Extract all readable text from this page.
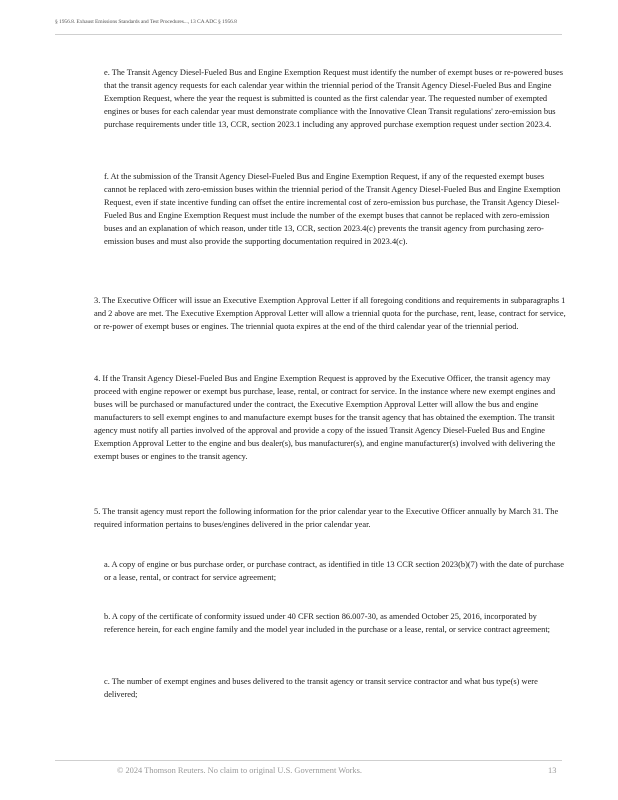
§ 1956.8. Exhaust Emissions Standards and Test Procedures..., 13 CA ADC § 1956.8

e. The Transit Agency Diesel-Fueled Bus and Engine Exemption Request must identify the number of exempt buses or re-powered buses that the transit agency requests for each calendar year within the triennial period of the Transit Agency Diesel-Fueled Bus and Engine Exemption Request, where the year the request is submitted is counted as the first calendar year. The requested number of exempted engines or buses for each calendar year must demonstrate compliance with the Innovative Clean Transit regulations' zero-emission bus purchase requirements under title 13, CCR, section 2023.1 including any approved purchase exemption request under section 2023.4.

f. At the submission of the Transit Agency Diesel-Fueled Bus and Engine Exemption Request, if any of the requested exempt buses cannot be replaced with zero-emission buses within the triennial period of the Transit Agency Diesel-Fueled Bus and Engine Exemption Request, even if state incentive funding can offset the entire incremental cost of zero-emission bus purchase, the Transit Agency Diesel-Fueled Bus and Engine Exemption Request must include the number of the exempt buses that cannot be replaced with zero-emission buses and an explanation of which reason, under title 13, CCR, section 2023.4(c) prevents the transit agency from purchasing zero-emission buses and must also provide the supporting documentation required in 2023.4(c).

3. The Executive Officer will issue an Executive Exemption Approval Letter if all foregoing conditions and requirements in subparagraphs 1 and 2 above are met. The Executive Exemption Approval Letter will allow a triennial quota for the purchase, rent, lease, contract for service, or re-power of exempt buses or engines. The triennial quota expires at the end of the third calendar year of the triennial period.

4. If the Transit Agency Diesel-Fueled Bus and Engine Exemption Request is approved by the Executive Officer, the transit agency may proceed with engine repower or exempt bus purchase, lease, rental, or contract for service. In the instance where new exempt engines and buses will be purchased or manufactured under the contract, the Executive Exemption Approval Letter will allow the bus and engine manufacturers to sell exempt engines to and manufacture exempt buses for the transit agency that has obtained the exemption. The transit agency must notify all parties involved of the approval and provide a copy of the issued Transit Agency Diesel-Fueled Bus and Engine Exemption Approval Letter to the engine and bus dealer(s), bus manufacturer(s), and engine manufacturer(s) involved with delivering the exempt buses or engines to the transit agency.

5. The transit agency must report the following information for the prior calendar year to the Executive Officer annually by March 31. The required information pertains to buses/engines delivered in the prior calendar year.

a. A copy of engine or bus purchase order, or purchase contract, as identified in title 13 CCR section 2023(b)(7) with the date of purchase or a lease, rental, or contract for service agreement;

b. A copy of the certificate of conformity issued under 40 CFR section 86.007-30, as amended October 25, 2016, incorporated by reference herein, for each engine family and the model year included in the purchase or a lease, rental, or service contract agreement;

c. The number of exempt engines and buses delivered to the transit agency or transit service contractor and what bus type(s) were delivered;

© 2024 Thomson Reuters. No claim to original U.S. Government Works.	13
